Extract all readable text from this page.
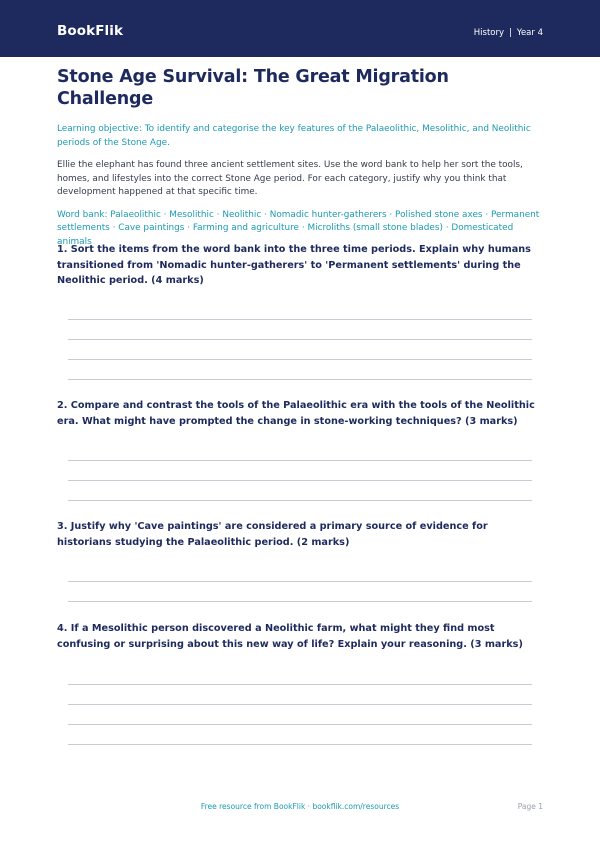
BookFlik	History | Year 4
Stone Age Survival: The Great Migration Challenge
Learning objective: To identify and categorise the key features of the Palaeolithic, Mesolithic, and Neolithic periods of the Stone Age.
Ellie the elephant has found three ancient settlement sites. Use the word bank to help her sort the tools, homes, and lifestyles into the correct Stone Age period. For each category, justify why you think that development happened at that specific time.
Word bank: Palaeolithic · Mesolithic · Neolithic · Nomadic hunter-gatherers · Polished stone axes · Permanent settlements · Cave paintings · Farming and agriculture · Microliths (small stone blades) · Domesticated animals
1. Sort the items from the word bank into the three time periods. Explain why humans transitioned from 'Nomadic hunter-gatherers' to 'Permanent settlements' during the Neolithic period. (4 marks)
2. Compare and contrast the tools of the Palaeolithic era with the tools of the Neolithic era. What might have prompted the change in stone-working techniques? (3 marks)
3. Justify why 'Cave paintings' are considered a primary source of evidence for historians studying the Palaeolithic period. (2 marks)
4. If a Mesolithic person discovered a Neolithic farm, what might they find most confusing or surprising about this new way of life? Explain your reasoning. (3 marks)
Free resource from BookFlik · bookflik.com/resources	Page 1
